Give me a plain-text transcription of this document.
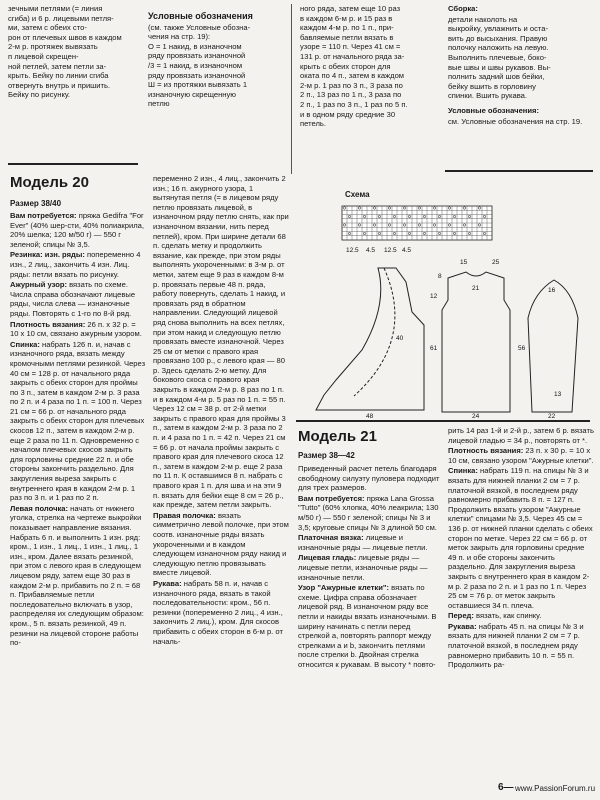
зечными петлями (= линия

сгиба) и 6 р. лицевыми петля-

ми, затем с обеих сто-

рон от плечевых швов в каждом

2-м р. протяжек вывязать

п лицевой скрещен-

ной петлей, затем петли за-

крыть. Бейку по линии сгиба

отвернуть внутрь и пришить.

Бейку по рисунку.

Условные обозначения

(см. также Условные обозна-

чения на стр. 19):

О = 1 накид, в изнаночном

ряду провязать изнаночной

/3 = 1 накид, в изнаночном

ряду провязать изнаночной

Ш = из протяжки вывязать 1

изнаночную скрещенную

петлю

ного ряда, затем еще 10 раз

в каждом 6-м р. и 15 раз в

каждом 4-м р. по 1 п., при-

бавляемые петли вязать в

узоре = 110 п. Через 41 см =

131 р. от начального ряда за-

крыть с обеих сторон для

оката по 4 п., затем в каждом

2-м р. 1 раз по 3 п., 3 раза по

2 п., 13 раз по 1 п., 3 раза по

2 п., 1 раз по 3 п., 1 раз по 5 п.

и в одном ряду средние 30

петель.

Сборка:

детали наколоть на

выкройку, увлажнить и оста-

вить до высыхания. Правую

полочку наложить на левую.

Выполнить плечевые, боко-

вые швы и швы рукавов. Вы-

полнить задний шов бейки,

бейку вшить в горловину

спинки. Вшить рукава.

Условные обозначения:

см. Условные обозначения на стр. 19.

Модель 20
Размер 38/40

Вам потребуется: пряжа Gedifra "For Ever" (40% шер-сти, 40% полиакрила, 20% шелка; 120 м/50 г) — 550 г зеленой; спицы № 3,5.

Резинка: изн. ряды: попеременно 4 изн., 2 лиц., закончить 4 изн. Лиц. ряды: петли вязать по рисунку.

Ажурный узор: вязать по схеме. Числа справа обозначают лицевые ряды, числа слева — изнаночные ряды. Повторять с 1-го по 8-й ряд.

Плотность вязания: 26 п. х 32 р. = 10 х 10 см, связано ажурным узором.

Спинка: набрать 126 п. и, начав с изнаночного ряда, вязать между кромочными петлями резинкой. Через 40 см = 128 р. от начального ряда закрыть с обеих сторон для проймы по 3 п., затем в каждом 2-м р. 3 раза по 2 п. и 4 раза по 1 п. = 100 п. Через 21 см = 66 р. от начального ряда закрыть с обеих сторон для плечевых скосов 12 п., затем в каждом 2-м р. еще 2 раза по 11 п. Одновременно с началом плечевых скосов закрыть для горловины средние 22 п. и обе стороны закончить раздельно. Для закругления выреза закрыть с внутреннего края в каждом 2-м р. 1 раз по 3 п. и 1 раз по 2 п.

Левая полочка: начать от нижнего уголка, стрелка на чертеже выкройки показывает направление вязания. Набрать 6 п. и выполнить 1 изн. ряд: кром., 1 изн., 1 лиц., 1 изн., 1 лиц., 1 изн., кром. Далее вязать резинкой, при этом с левого края в следующем лицевом ряду, затем еще 30 раз в каждом 2-м р. прибавить по 2 п. = 68 п. Прибавляемые петли последовательно включать в узор, распределяя их следующим образом: кром., 5 п. вязать резинкой, 49 п. резинки на лицевой стороне работы по-

переменно 2 изн., 4 лиц., закончить 2 изн.; 16 п. ажурного узора, 1 вытянутая петля (= в лицевом ряду петлю провязать лицевой, в изнаночном ряду петлю снять, как при изнаночном вязании, нить перед петлей), кром. При ширине детали 68 п. сделать метку и продолжить вязание, как прежде, при этом ряды выполнять укороченными: в 3-м р. от метки, затем еще 9 раз в каждом 8-м р. провязать первые 48 п. ряда, работу повернуть, сделать 1 накид, и провязать ряд в обратном направлении. Следующий лицевой ряд снова выполнить на всех петлях, при этом накид и следующую петлю провязать вместе изнаночной. Через 25 см от метки с правого края провязано 100 р., с левого края — 80 р. Здесь сделать 2-ю метку. Для бокового скоса с правого края закрыть в каждом 2-м р. 8 раз по 1 п. и в каждом 4-м р. 5 раз по 1 п. = 55 п. Через 12 см = 38 р. от 2-й метки закрыть с правого края для проймы 3 п., затем в каждом 2-м р. 3 раза по 2 п. и 4 раза по 1 п. = 42 п. Через 21 см = 66 р. от начала проймы закрыть с правого края для плечевого скоса 12 п., затем в каждом 2-м р. еще 2 раза по 11 п. К оставшимся 8 п. набрать с правого края 1 п. для шва и на эти 9 п. вязать для бейки еще 8 см = 26 р., как прежде, затем петли закрыть.

Правая полочка: вязать симметрично левой полочке, при этом соотв. изнаночные ряды вязать укороченными и в каждом следующем изнаночном ряду накид и следующую петлю провязывать вместе лицевой.

Рукава: набрать 58 п. и, начав с изнаночного ряда, вязать в такой последовательности: кром., 56 п. резинки (попеременно 2 лиц., 4 изн., закончить 2 лиц.), кром. Для скосов прибавить с обеих сторон в 6-м р. от началь-

Схема
12.5 4.5 12.5 4.5
15	25
8
12
40
61
21
56
16
13
48	24	22
Модель 21
Размер 38—42

Приведенный расчет петель благодаря свободному силуэту пуловера подходит для трех размеров.

Вам потребуется: пряжа Lana Grossa "Tutto" (60% хлопка, 40% леакрила; 130 м/50 г) — 550 г зеленой; спицы № 3 и 3,5; круговые спицы № 3 длиной 50 см.

Платочная вязка: лицевые и изнаночные ряды — лицевые петли.

Лицевая гладь: лицевые ряды — лицевые петли, изнаночные ряды — изнаночные петли.

Узор "Ажурные клетки": вязать по схеме. Цифра справа обозначает лицевой ряд. В изнаночном ряду все петли и накиды вязать изнаночными. В ширину начинать с петли перед стрелкой а, повторять раппорт между стрелками а и b, закончить петлями после стрелки b. Двойная стрелка относится к рукавам. В высоту * повто-

рить 14 раз 1-й и 2-й р., затем 6 р. вязать лицевой гладью = 34 р., повторять от *.

Плотность вязания: 23 п. х 30 р. = 10 х 10 см, связано узором "Ажурные клетки".

Спинка: набрать 119 п. на спицы № 3 и вязать для нижней планки 2 см = 7 р. платочной вязкой, в последнем ряду равномерно прибавить 8 п. = 127 п. Продолжить вязать узором "Ажурные клетки" спицами № 3,5. Через 45 см = 136 р. от нижней планки сделать с обеих сторон по метке. Через 22 см = 66 р. от меток закрыть для горловины средние 49 п. и обе стороны закончить раздельно. Для закругления выреза закрыть с внутреннего края в каждом 2-м р. 2 раза по 2 п. и 1 раз по 1 п. Через 25 см = 76 р. от меток закрыть оставшиеся 34 п. плеча.

Перед: вязать, как спинку.

Рукава: набрать 45 п. на спицы № 3 и вязать для нижней планки 2 см = 7 р. платочной вязкой, в последнем ряду равномерно прибавить 10 п. = 55 п. Продолжить ра-

6— www.PassionForum.ru
